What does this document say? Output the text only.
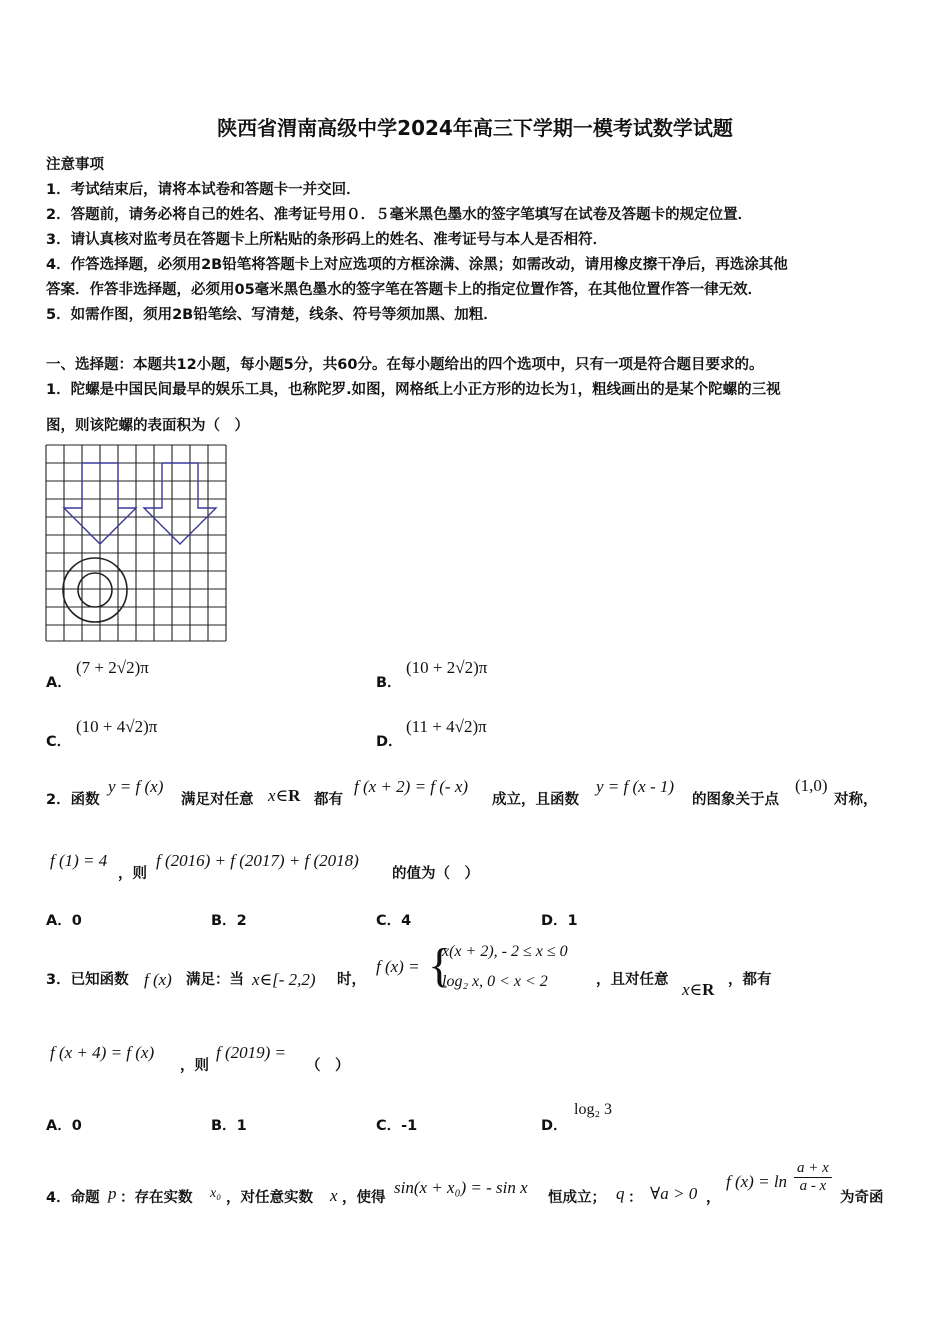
陕西省渭南高级中学2024年高三下学期一模考试数学试题
注意事项
1．考试结束后，请将本试卷和答题卡一并交回．
2．答题前，请务必将自己的姓名、准考证号用０．５毫米黑色墨水的签字笔填写在试卷及答题卡的规定位置．
3．请认真核对监考员在答题卡上所粘贴的条形码上的姓名、准考证号与本人是否相符．
4．作答选择题，必须用2B铅笔将答题卡上对应选项的方框涂满、涂黑；如需改动，请用橡皮擦干净后，再选涂其他
答案．作答非选择题，必须用05毫米黑色墨水的签字笔在答题卡上的指定位置作答，在其他位置作答一律无效．
5．如需作图，须用2B铅笔绘、写清楚，线条、符号等须加黑、加粗．
一、选择题：本题共12小题，每小题5分，共60分。在每小题给出的四个选项中，只有一项是符合题目要求的。
1．陀螺是中国民间最早的娱乐工具，也称陀罗.如图，网格纸上小正方形的边长为1，粗线画出的是某个陀螺的三视
图，则该陀螺的表面积为（　）
A．
(7 + 2√2)π
B．
(10 + 2√2)π
C．
(10 + 4√2)π
D．
(11 + 4√2)π
2．函数
y = f (x)
满足对任意 x∈R 都有
f (x + 2) = f (- x)
成立，且函数
y = f (x - 1)
的图象关于点
(1,0)
对称，
f (1) = 4
，则
f (2016) + f (2017) + f (2018)
的值为（　）
A．0	B．2	C．4	D．1
3．已知函数 f (x) 满足：当 x∈[- 2,2) 时，
f (x) = {
x(x + 2), - 2 ≤ x ≤ 0
log₂ x, 0 < x < 2	，且对任意 x∈R ，都有
f (x + 4) = f (x)
，则
f (2019) =
（　）
A．0	B．1	C．-1	D．
log₂ 3
4．命题 p ：存在实数 x₀ ，对任意实数 x ，使得
sin(x + x₀) = - sin x
恒成立； q ： ∀a > 0 ，
f $(x) = \ln \frac{a + x}{a - x}$
为奇函
